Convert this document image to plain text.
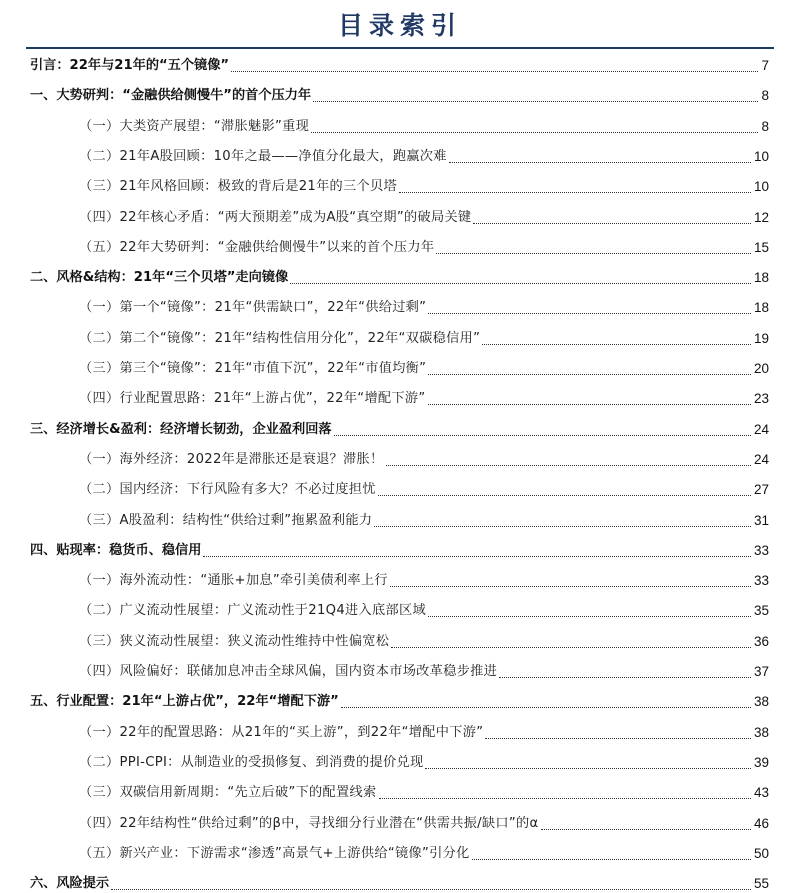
目录索引
引言：22年与21年的“五个镜像”	7
一、大势研判：“金融供给侧慢牛”的首个压力年	8
（一）大类资产展望：“滞胀魅影”重现	8
（二）21年A股回顾：10年之最——净值分化最大，跑赢次难	10
（三）21年风格回顾：极致的背后是21年的三个贝塔	10
（四）22年核心矛盾：“两大预期差”成为A股“真空期”的破局关键	12
（五）22年大势研判：“金融供给侧慢牛”以来的首个压力年	15
二、风格&结构：21年“三个贝塔”走向镜像	18
（一）第一个“镜像”：21年“供需缺口”，22年“供给过剩”	18
（二）第二个“镜像”：21年“结构性信用分化”，22年“双碳稳信用”	19
（三）第三个“镜像”：21年“市值下沉”，22年“市值均衡”	20
（四）行业配置思路：21年“上游占优”，22年“增配下游”	23
三、经济增长&盈利：经济增长韧劲，企业盈利回落	24
（一）海外经济：2022年是滞胀还是衰退？滞胀！	24
（二）国内经济：下行风险有多大？不必过度担忧	27
（三）A股盈利：结构性“供给过剩”拖累盈利能力	31
四、贴现率：稳货币、稳信用	33
（一）海外流动性：“通胀+加息”牵引美债利率上行	33
（二）广义流动性展望：广义流动性于21Q4进入底部区域	35
（三）狭义流动性展望：狭义流动性维持中性偏宽松	36
（四）风险偏好：联储加息冲击全球风偏，国内资本市场改革稳步推进	37
五、行业配置：21年“上游占优”，22年“增配下游”	38
（一）22年的配置思路：从21年的“买上游”，到22年“增配中下游”	38
（二）PPI-CPI：从制造业的受损修复、到消费的提价兑现	39
（三）双碳信用新周期：“先立后破”下的配置线索	43
（四）22年结构性“供给过剩”的β中，寻找细分行业潜在“供需共振/缺口”的α	46
（五）新兴产业：下游需求“渗透”高景气+上游供给“镜像”引分化	50
六、风险提示	55
